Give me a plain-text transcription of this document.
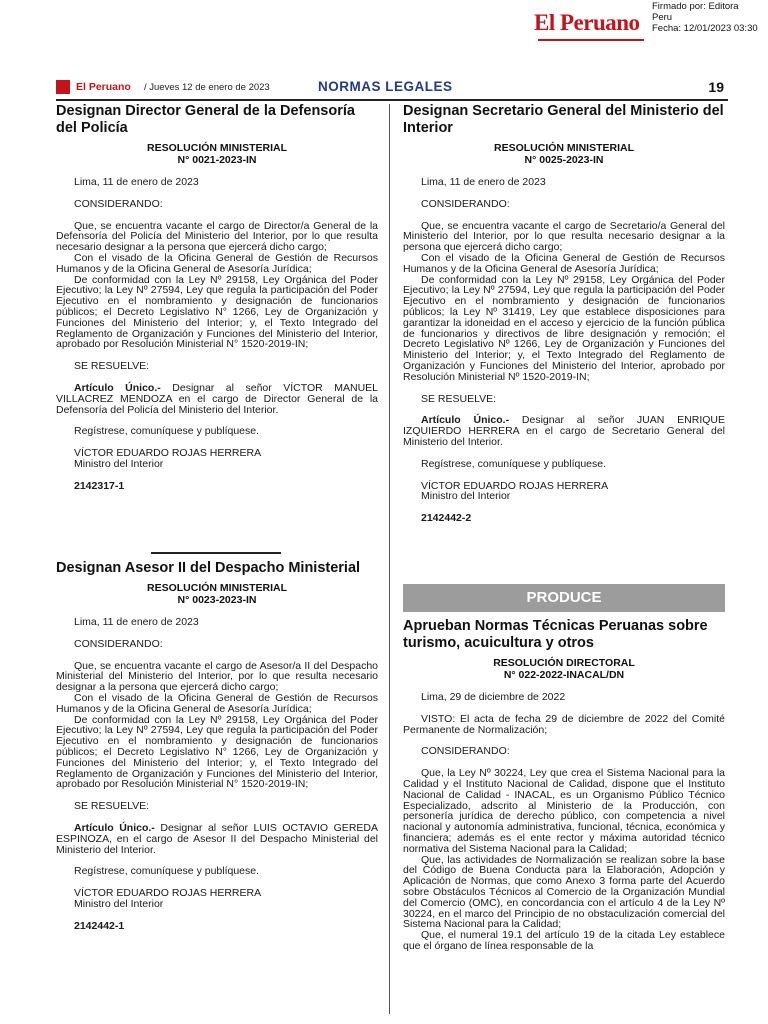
El Peruano
Firmado por: Editora
Peru
Fecha: 12/01/2023 03:30
El Peruano / Jueves 12 de enero de 2023	NORMAS LEGALES	19
Designan Director General de la Defensoría del Policía
RESOLUCIÓN MINISTERIAL
N° 0021-2023-IN

Lima, 11 de enero de 2023

CONSIDERANDO:

Que, se encuentra vacante el cargo de Director/a General de la Defensoría del Policía del Ministerio del Interior, por lo que resulta necesario designar a la persona que ejercerá dicho cargo;

Con el visado de la Oficina General de Gestión de Recursos Humanos y de la Oficina General de Asesoría Jurídica;

De conformidad con la Ley Nº 29158, Ley Orgánica del Poder Ejecutivo; la Ley Nº 27594, Ley que regula la participación del Poder Ejecutivo en el nombramiento y designación de funcionarios públicos; el Decreto Legislativo N° 1266, Ley de Organización y Funciones del Ministerio del Interior; y, el Texto Integrado del Reglamento de Organización y Funciones del Ministerio del Interior, aprobado por Resolución Ministerial N° 1520-2019-IN;

SE RESUELVE:

Artículo Único.- Designar al señor VÍCTOR MANUEL VILLACREZ MENDOZA en el cargo de Director General de la Defensoría del Policía del Ministerio del Interior.

Regístrese, comuníquese y publíquese.

VÍCTOR EDUARDO ROJAS HERRERA

Ministro del Interior

2142317-1

Designan Asesor II del Despacho Ministerial
RESOLUCIÓN MINISTERIAL
N° 0023-2023-IN

Lima, 11 de enero de 2023

CONSIDERANDO:

Que, se encuentra vacante el cargo de Asesor/a II del Despacho Ministerial del Ministerio del Interior, por lo que resulta necesario designar a la persona que ejercerá dicho cargo;

Con el visado de la Oficina General de Gestión de Recursos Humanos y de la Oficina General de Asesoría Jurídica;

De conformidad con la Ley Nº 29158, Ley Orgánica del Poder Ejecutivo; la Ley Nº 27594, Ley que regula la participación del Poder Ejecutivo en el nombramiento y designación de funcionarios públicos; el Decreto Legislativo N° 1266, Ley de Organización y Funciones del Ministerio del Interior; y, el Texto Integrado del Reglamento de Organización y Funciones del Ministerio del Interior, aprobado por Resolución Ministerial N° 1520-2019-IN;

SE RESUELVE:

Artículo Único.- Designar al señor LUIS OCTAVIO GEREDA ESPINOZA, en el cargo de Asesor II del Despacho Ministerial del Ministerio del Interior.

Regístrese, comuníquese y publíquese.

VÍCTOR EDUARDO ROJAS HERRERA

Ministro del Interior

2142442-1

Designan Secretario General del Ministerio del Interior
RESOLUCIÓN MINISTERIAL
N° 0025-2023-IN

Lima, 11 de enero de 2023

CONSIDERANDO:

Que, se encuentra vacante el cargo de Secretario/a General del Ministerio del Interior, por lo que resulta necesario designar a la persona que ejercerá dicho cargo;

Con el visado de la Oficina General de Gestión de Recursos Humanos y de la Oficina General de Asesoría Jurídica;

De conformidad con la Ley Nº 29158, Ley Orgánica del Poder Ejecutivo; la Ley Nº 27594, Ley que regula la participación del Poder Ejecutivo en el nombramiento y designación de funcionarios públicos; la Ley Nº 31419, Ley que establece disposiciones para garantizar la idoneidad en el acceso y ejercicio de la función pública de funcionarios y directivos de libre designación y remoción; el Decreto Legislativo Nº 1266, Ley de Organización y Funciones del Ministerio del Interior; y, el Texto Integrado del Reglamento de Organización y Funciones del Ministerio del Interior, aprobado por Resolución Ministerial Nº 1520-2019-IN;

SE RESUELVE:

Artículo Único.- Designar al señor JUAN ENRIQUE IZQUIERDO HERRERA en el cargo de Secretario General del Ministerio del Interior.

Regístrese, comuníquese y publíquese.

VÍCTOR EDUARDO ROJAS HERRERA

Ministro del Interior

2142442-2

PRODUCE
Aprueban Normas Técnicas Peruanas sobre turismo, acuicultura y otros
RESOLUCIÓN DIRECTORAL
N° 022-2022-INACAL/DN

Lima, 29 de diciembre de 2022

VISTO: El acta de fecha 29 de diciembre de 2022 del Comité Permanente de Normalización;

CONSIDERANDO:

Que, la Ley Nº 30224, Ley que crea el Sistema Nacional para la Calidad y el Instituto Nacional de Calidad, dispone que el Instituto Nacional de Calidad - INACAL, es un Organismo Público Técnico Especializado, adscrito al Ministerio de la Producción, con personería jurídica de derecho público, con competencia a nivel nacional y autonomía administrativa, funcional, técnica, económica y financiera; además es el ente rector y máxima autoridad técnico normativa del Sistema Nacional para la Calidad;

Que, las actividades de Normalización se realizan sobre la base del Código de Buena Conducta para la Elaboración, Adopción y Aplicación de Normas, que como Anexo 3 forma parte del Acuerdo sobre Obstáculos Técnicos al Comercio de la Organización Mundial del Comercio (OMC), en concordancia con el artículo 4 de la Ley Nº 30224, en el marco del Principio de no obstaculización comercial del Sistema Nacional para la Calidad;

Que, el numeral 19.1 del artículo 19 de la citada Ley establece que el órgano de línea responsable de la
